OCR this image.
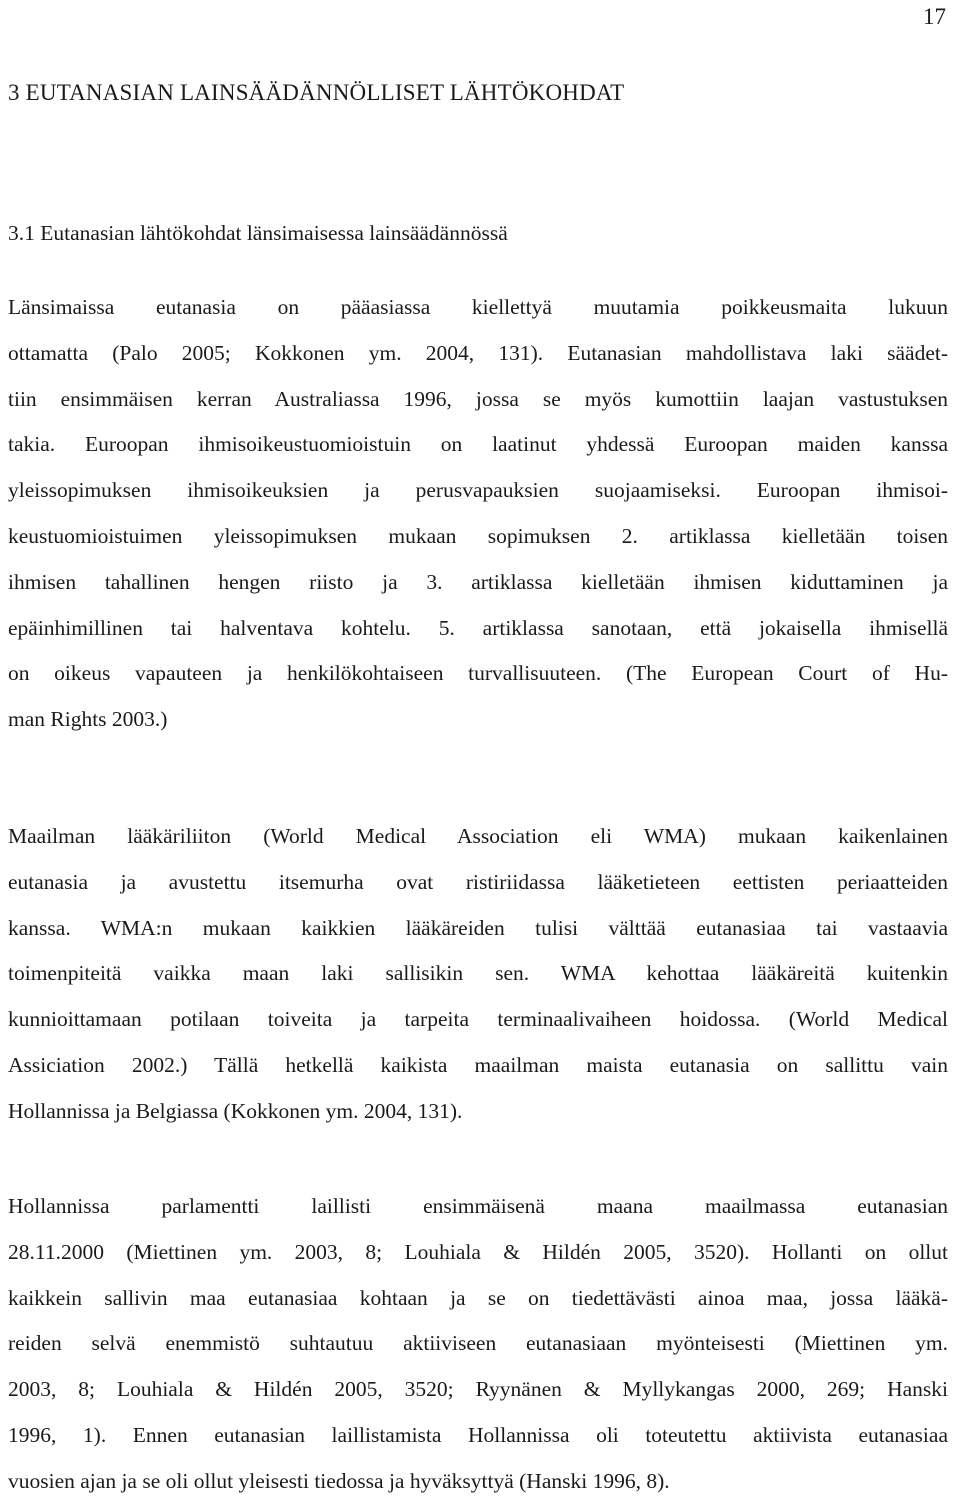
17
3 EUTANASIAN LAINSÄÄDÄNNÖLLISET LÄHTÖKOHDAT
3.1 Eutanasian lähtökohdat länsimaisessa lainsäädännössä
Länsimaissa eutanasia on pääasiassa kiellettyä muutamia poikkeusmaita lukuun
ottamatta (Palo 2005; Kokkonen ym. 2004, 131). Eutanasian mahdollistava laki säädet-
tiin ensimmäisen kerran Australiassa 1996, jossa se myös kumottiin laajan vastustuksen
takia. Euroopan ihmisoikeustuomioistuin on laatinut yhdessä Euroopan maiden kanssa
yleissopimuksen ihmisoikeuksien ja perusvapauksien suojaamiseksi. Euroopan ihmisoi-
keustuomioistuimen yleissopimuksen mukaan sopimuksen 2. artiklassa kielletään toisen
ihmisen tahallinen hengen riisto ja 3. artiklassa kielletään ihmisen kiduttaminen ja
epäinhimillinen tai halventava kohtelu. 5. artiklassa sanotaan, että jokaisella ihmisellä
on oikeus vapauteen ja henkilökohtaiseen turvallisuuteen. (The European Court of Hu-
man Rights 2003.)
Maailman lääkäriliiton (World Medical Association eli WMA) mukaan kaikenlainen
eutanasia ja avustettu itsemurha ovat ristiriidassa lääketieteen eettisten periaatteiden
kanssa. WMA:n mukaan kaikkien lääkäreiden tulisi välttää eutanasiaa tai vastaavia
toimenpiteitä vaikka maan laki sallisikin sen. WMA kehottaa lääkäreitä kuitenkin
kunnioittamaan potilaan toiveita ja tarpeita terminaalivaiheen hoidossa. (World Medical
Assiciation 2002.) Tällä hetkellä kaikista maailman maista eutanasia on sallittu vain
Hollannissa ja Belgiassa (Kokkonen ym. 2004, 131).
Hollannissa parlamentti laillisti ensimmäisenä maana maailmassa eutanasian
28.11.2000 (Miettinen ym. 2003, 8; Louhiala & Hildén 2005, 3520). Hollanti on ollut
kaikkein sallivin maa eutanasiaa kohtaan ja se on tiedettävästi ainoa maa, jossa lääkä-
reiden selvä enemmistö suhtautuu aktiiviseen eutanasiaan myönteisesti (Miettinen ym.
2003, 8; Louhiala & Hildén 2005, 3520; Ryynänen & Myllykangas 2000, 269; Hanski
1996, 1). Ennen eutanasian laillistamista Hollannissa oli toteutettu aktiivista eutanasiaa
vuosien ajan ja se oli ollut yleisesti tiedossa ja hyväksyttyä (Hanski 1996, 8).
